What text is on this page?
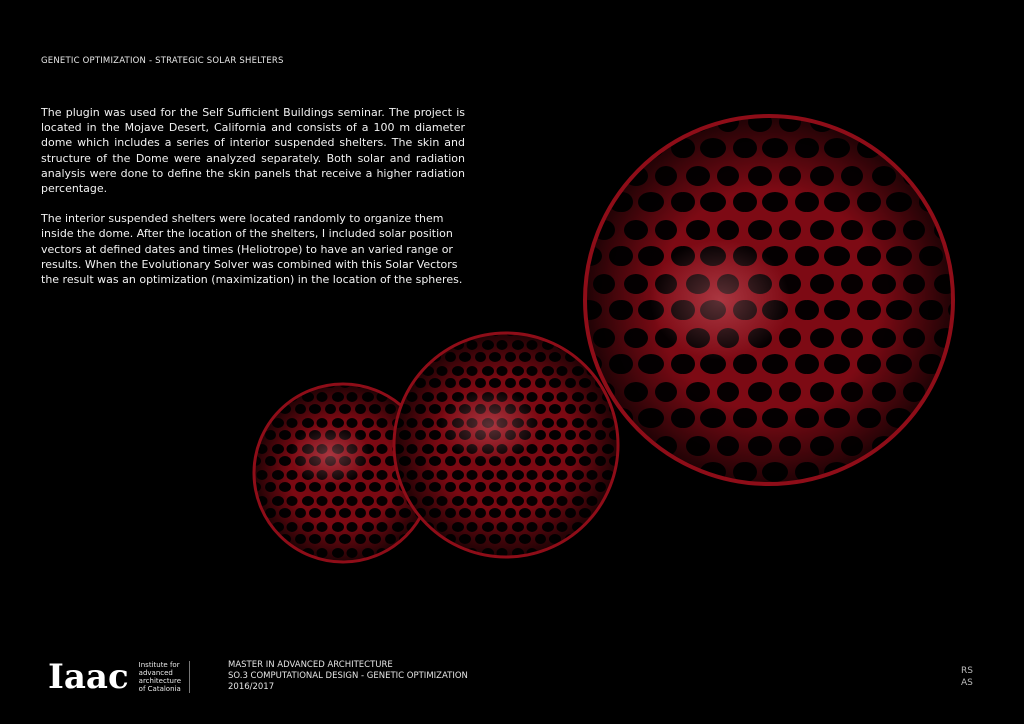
GENETIC OPTIMIZATION - STRATEGIC SOLAR SHELTERS

The plugin was used for the Self Sufficient Buildings seminar. The project is located in the Mojave Desert, California and consists of a 100 m diameter dome which includes a series of interior suspended shelters. The skin and structure of the Dome were analyzed separately. Both solar and radiation analysis were done to define the skin panels that receive a higher radiation percentage.

The interior suspended shelters were located randomly to organize them inside the dome. After the location of the shelters, I included solar position vectors at defined dates and times (Heliotrope) to have an varied range or results. When the Evolutionary Solver was combined with this Solar Vectors the result was an optimization (maximization) in the location of the spheres.

Iaac Institute for
advanced
architecture
of Catalonia
MASTER IN ADVANCED ARCHITECTURE
SO.3 COMPUTATIONAL DESIGN - GENETIC OPTIMIZATION
2016/2017
RS
AS
